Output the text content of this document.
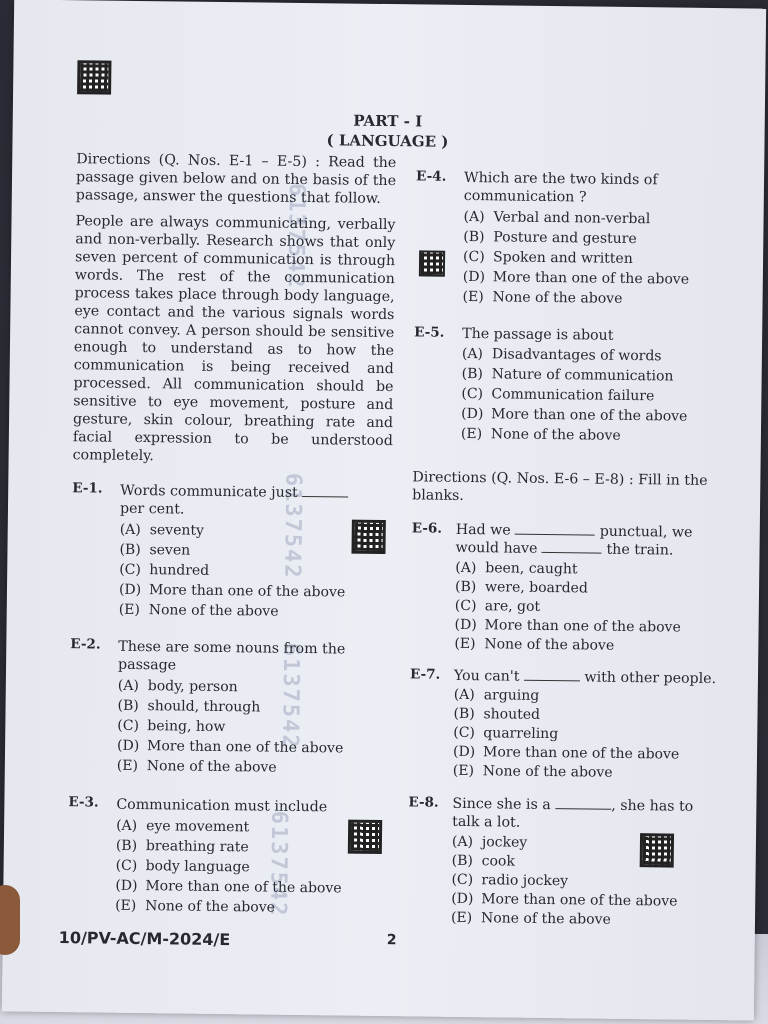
6137542
6137542
6137542
6137542
PART - I
( LANGUAGE )
Directions (Q. Nos. E-1 – E-5) : Read the passage given below and on the basis of the passage, answer the questions that follow.
People are always communicating, verbally and non-verbally. Research shows that only seven percent of communication is through words. The rest of the communication process takes place through body language, eye contact and the various signals words cannot convey. A person should be sensitive enough to understand as to how the communication is being received and processed. All communication should be sensitive to eye movement, posture and gesture, skin colour, breathing rate and facial expression to be understood completely.
E-1. Words communicate just
per cent.
(A) seventy
(B) seven
(C) hundred
(D) More than one of the above
(E) None of the above
E-2. These are some nouns from the
passage
(A) body, person
(B) should, through
(C) being, how
(D) More than one of the above
(E) None of the above
E-3. Communication must include
(A) eye movement
(B) breathing rate
(C) body language
(D) More than one of the above
(E) None of the above
E-4. Which are the two kinds of
communication ?
(A) Verbal and non-verbal
(B) Posture and gesture
(C) Spoken and written
(D) More than one of the above
(E) None of the above
E-5. The passage is about
(A) Disadvantages of words
(B) Nature of communication
(C) Communication failure
(D) More than one of the above
(E) None of the above
Directions (Q. Nos. E-6 – E-8) : Fill in the blanks.
E-6. Had we	punctual, we
would have	the train.
(A) been, caught
(B) were, boarded
(C) are, got
(D) More than one of the above
(E) None of the above
E-7. You can't	with other people.
(A) arguing
(B) shouted
(C) quarreling
(D) More than one of the above
(E) None of the above
E-8. Since she is a	, she has to
talk a lot.
(A) jockey
(B) cook
(C) radio jockey
(D) More than one of the above
(E) None of the above
10/PV-AC/M-2024/E	2
